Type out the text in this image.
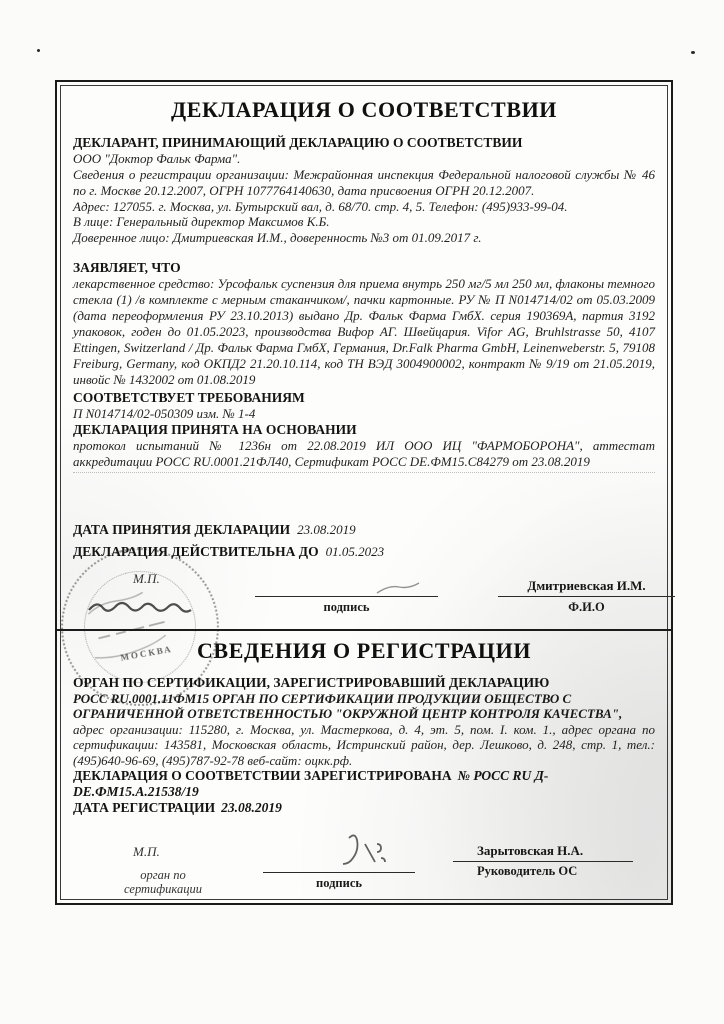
МОСКВА
ДЕКЛАРАЦИЯ О СООТВЕТСТВИИ
ДЕКЛАРАНТ, ПРИНИМАЮЩИЙ ДЕКЛАРАЦИЮ О СООТВЕТСТВИИ
ООО "Доктор Фальк Фарма".
Сведения о регистрации организации: Межрайонная инспекция Федеральной налоговой службы № 46 по г. Москве 20.12.2007, ОГРН 1077764140630, дата присвоения ОГРН 20.12.2007.
Адрес: 127055. г. Москва, ул. Бутырский вал, д. 68/70. стр. 4, 5. Телефон: (495)933-99-04.
В лице: Генеральный директор Максимов К.Б.
Доверенное лицо: Дмитриевская И.М., доверенность №3 от 01.09.2017 г.
ЗАЯВЛЯЕТ, ЧТО
лекарственное средство: Урсофальк суспензия для приема внутрь 250 мг/5 мл 250 мл, флаконы темного стекла (1) /в комплекте с мерным стаканчиком/, пачки картонные. РУ № П N014714/02 от 05.03.2009 (дата переоформления РУ 23.10.2013) выдано Др. Фальк Фарма ГмбХ. серия 190369А, партия 3192 упаковок, годен до 01.05.2023, производства Вифор АГ. Швейцария. Vifor AG, Bruhlstrasse 50, 4107 Ettingen, Switzerland / Др. Фальк Фарма ГмбХ, Германия, Dr.Falk Pharma GmbH, Leinenweberstr. 5, 79108 Freiburg, Germany, код ОКПД2 21.20.10.114, код ТН ВЭД 3004900002, контракт № 9/19 от 21.05.2019, инвойс № 1432002 от 01.08.2019
СООТВЕТСТВУЕТ ТРЕБОВАНИЯМ
П N014714/02-050309 изм. № 1-4
ДЕКЛАРАЦИЯ ПРИНЯТА НА ОСНОВАНИИ
протокол испытаний № 1236н от 22.08.2019 ИЛ ООО ИЦ "ФАРМОБОРОНА", аттестат аккредитации РОСС RU.0001.21ФЛ40, Сертификат РОСС DE.ФМ15.С84279 от 23.08.2019
ДАТА ПРИНЯТИЯ ДЕКЛАРАЦИИ 23.08.2019
ДЕКЛАРАЦИЯ ДЕЙСТВИТЕЛЬНА ДО 01.05.2023
М.П.
подпись
Дмитриевская И.М.
Ф.И.О
СВЕДЕНИЯ О РЕГИСТРАЦИИ
ОРГАН ПО СЕРТИФИКАЦИИ, ЗАРЕГИСТРИРОВАВШИЙ ДЕКЛАРАЦИЮ
РОСС RU.0001.11ФМ15 ОРГАН ПО СЕРТИФИКАЦИИ ПРОДУКЦИИ ОБЩЕСТВО С ОГРАНИЧЕННОЙ ОТВЕТСТВЕННОСТЬЮ "ОКРУЖНОЙ ЦЕНТР КОНТРОЛЯ КАЧЕСТВА",
адрес организации: 115280, г. Москва, ул. Мастеркова, д. 4, эт. 5, пом. I. ком. 1., адрес органа по сертификации: 143581, Московская область, Истринский район, дер. Лешково, д. 248, стр. 1, тел.: (495)640-96-69, (495)787-92-78 веб-сайт: оцкк.рф.
ДЕКЛАРАЦИЯ О СООТВЕТСТВИИ ЗАРЕГИСТРИРОВАНА № РОСС RU Д-DE.ФМ15.А.21538/19
ДАТА РЕГИСТРАЦИИ 23.08.2019
М.П.
орган по
сертификации	подпись
Зарытовская Н.А.
Руководитель ОС
